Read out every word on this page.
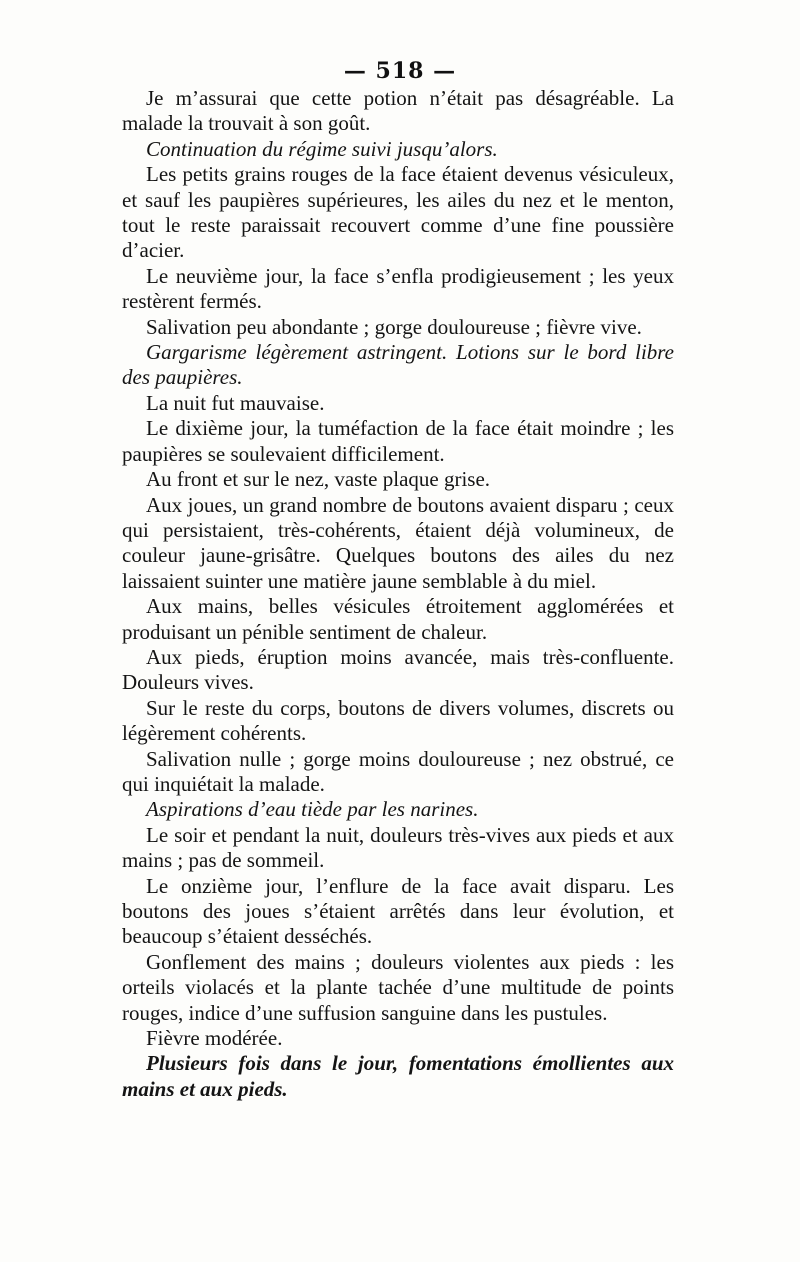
— 518 —

Je m’assurai que cette potion n’était pas désagréable. La malade la trouvait à son goût.

Continuation du régime suivi jusqu’alors.

Les petits grains rouges de la face étaient devenus vésiculeux, et sauf les paupières supérieures, les ailes du nez et le menton, tout le reste paraissait recouvert comme d’une fine poussière d’acier.

Le neuvième jour, la face s’enfla prodigieusement ; les yeux restèrent fermés.

Salivation peu abondante ; gorge douloureuse ; fièvre vive.

Gargarisme légèrement astringent. Lotions sur le bord libre des paupières.

La nuit fut mauvaise.

Le dixième jour, la tuméfaction de la face était moindre ; les paupières se soulevaient difficilement.

Au front et sur le nez, vaste plaque grise.

Aux joues, un grand nombre de boutons avaient disparu ; ceux qui persistaient, très-cohérents, étaient déjà volumineux, de couleur jaune-grisâtre. Quelques boutons des ailes du nez laissaient suinter une matière jaune semblable à du miel.

Aux mains, belles vésicules étroitement agglomérées et produisant un pénible sentiment de chaleur.

Aux pieds, éruption moins avancée, mais très-confluente. Douleurs vives.

Sur le reste du corps, boutons de divers volumes, discrets ou légèrement cohérents.

Salivation nulle ; gorge moins douloureuse ; nez obstrué, ce qui inquiétait la malade.

Aspirations d’eau tiède par les narines.

Le soir et pendant la nuit, douleurs très-vives aux pieds et aux mains ; pas de sommeil.

Le onzième jour, l’enflure de la face avait disparu. Les boutons des joues s’étaient arrêtés dans leur évolution, et beaucoup s’étaient desséchés.

Gonflement des mains ; douleurs violentes aux pieds : les orteils violacés et la plante tachée d’une multitude de points rouges, indice d’une suffusion sanguine dans les pustules.

Fièvre modérée.

Plusieurs fois dans le jour, fomentations émollientes aux mains et aux pieds.
